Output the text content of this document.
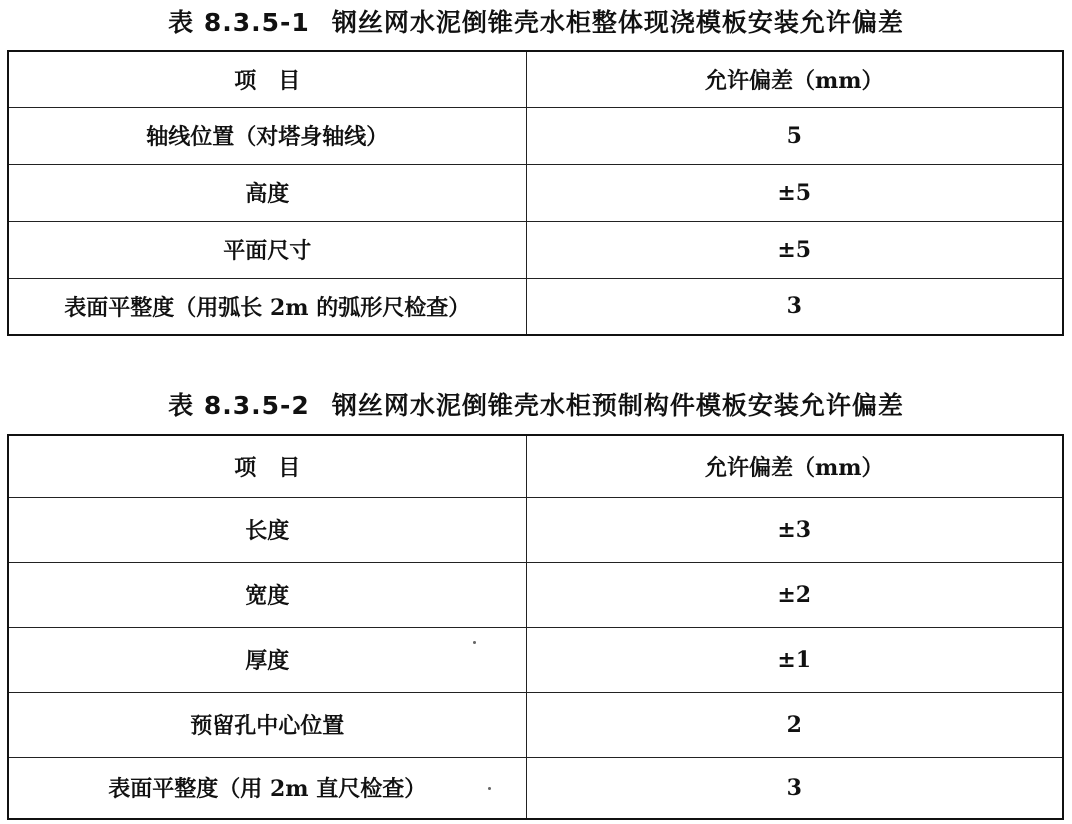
表 8.3.5-1 钢丝网水泥倒锥壳水柜整体现浇模板安装允许偏差
项　目	允许偏差（mm）
轴线位置（对塔身轴线）	5
高度	±5
平面尺寸	±5
表面平整度（用弧长 2m 的弧形尺检查）	3
表 8.3.5-2 钢丝网水泥倒锥壳水柜预制构件模板安装允许偏差
项　目	允许偏差（mm）
长度	±3
宽度	±2
厚度	±1
预留孔中心位置	2
表面平整度（用 2m 直尺检查）	3
